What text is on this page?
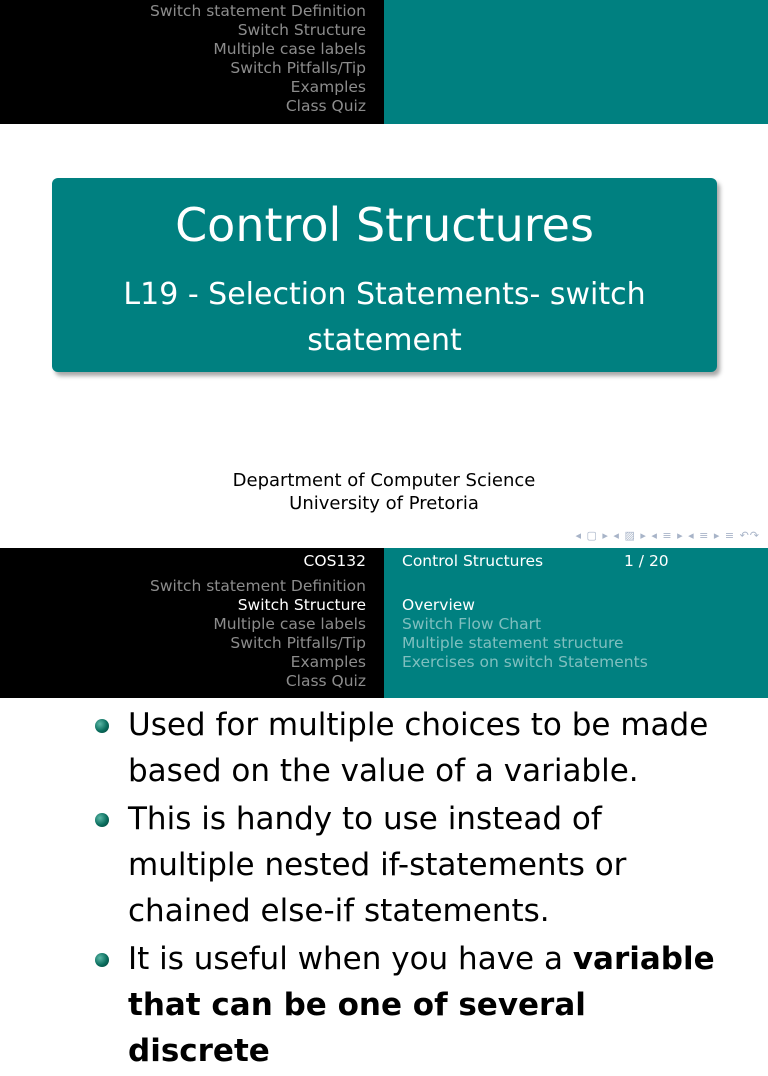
Switch statement Definition
Switch Structure
Multiple case labels
Switch Pitfalls/Tip
Examples
Class Quiz
Control Structures
L19 - Selection Statements- switch statement
Department of Computer Science
University of Pretoria
◂ ▢ ▸ ◂ ▨ ▸ ◂ ≡ ▸ ◂ ≡ ▸ ≡ ↶↷
COS132
Switch statement Definition
Switch Structure
Multiple case labels
Switch Pitfalls/Tip
Examples
Class Quiz
Control Structures	1 / 20
Overview
Switch Flow Chart
Multiple statement structure
Exercises on switch Statements
Used for multiple choices to be made based on the value of a variable.
This is handy to use instead of multiple nested if-statements or chained else-if statements.
It is useful when you have a variable that can be one of several discrete
